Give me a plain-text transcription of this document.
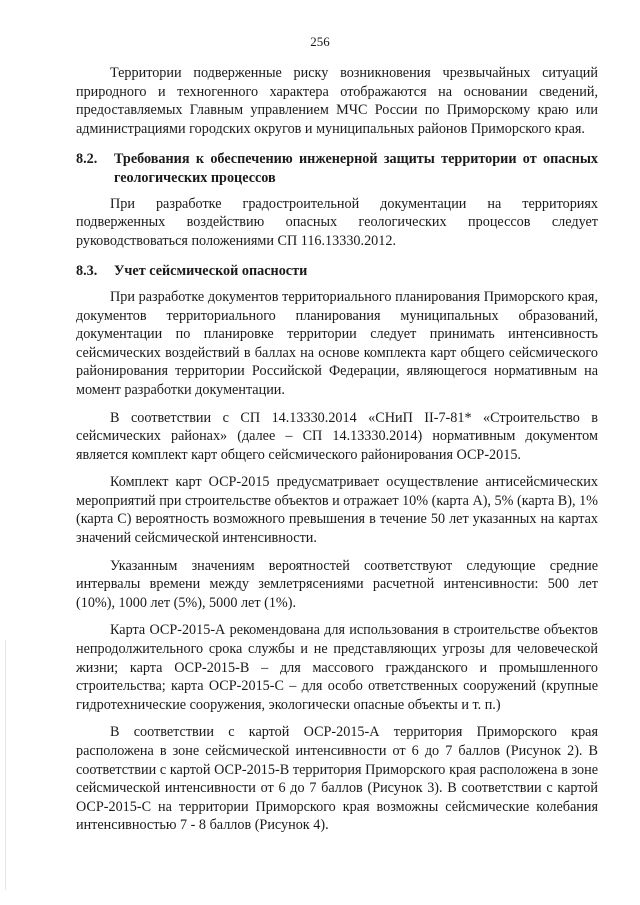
256

Территории подверженные риску возникновения чрезвычайных ситуаций природного и техногенного характера отображаются на основании сведений, предоставляемых Главным управлением МЧС России по Приморскому краю или администрациями городских округов и муниципальных районов Приморского края.

8.2.	Требования к обеспечению инженерной защиты территории от опасных геологических процессов

При разработке градостроительной документации на территориях подверженных воздействию опасных геологических процессов следует руководствоваться положениями СП 116.13330.2012.

8.3.	Учет сейсмической опасности

При разработке документов территориального планирования Приморского края, документов территориального планирования муниципальных образований, документации по планировке территории следует принимать интенсивность сейсмических воздействий в баллах на основе комплекта карт общего сейсмического районирования территории Российской Федерации, являющегося нормативным на момент разработки документации.

В соответствии с СП 14.13330.2014 «СНиП II-7-81* «Строительство в сейсмических районах» (далее – СП 14.13330.2014) нормативным документом является комплект карт общего сейсмического районирования ОСР-2015.

Комплект карт ОСР-2015 предусматривает осуществление антисейсмических мероприятий при строительстве объектов и отражает 10% (карта А), 5% (карта В), 1% (карта С) вероятность возможного превышения в течение 50 лет указанных на картах значений сейсмической интенсивности.

Указанным значениям вероятностей соответствуют следующие средние интервалы времени между землетрясениями расчетной интенсивности: 500 лет (10%), 1000 лет (5%), 5000 лет (1%).

Карта ОСР-2015-А рекомендована для использования в строительстве объектов непродолжительного срока службы и не представляющих угрозы для человеческой жизни; карта ОСР-2015-В – для массового гражданского и промышленного строительства; карта ОСР-2015-С – для особо ответственных сооружений (крупные гидротехнические сооружения, экологически опасные объекты и т. п.)

В соответствии с картой ОСР-2015-А территория Приморского края расположена в зоне сейсмической интенсивности от 6 до 7 баллов (Рисунок 2). В соответствии с картой ОСР-2015-В территория Приморского края расположена в зоне сейсмической интенсивности от 6 до 7 баллов (Рисунок 3). В соответствии с картой ОСР-2015-С на территории Приморского края возможны сейсмические колебания интенсивностью 7 - 8 баллов (Рисунок 4).
